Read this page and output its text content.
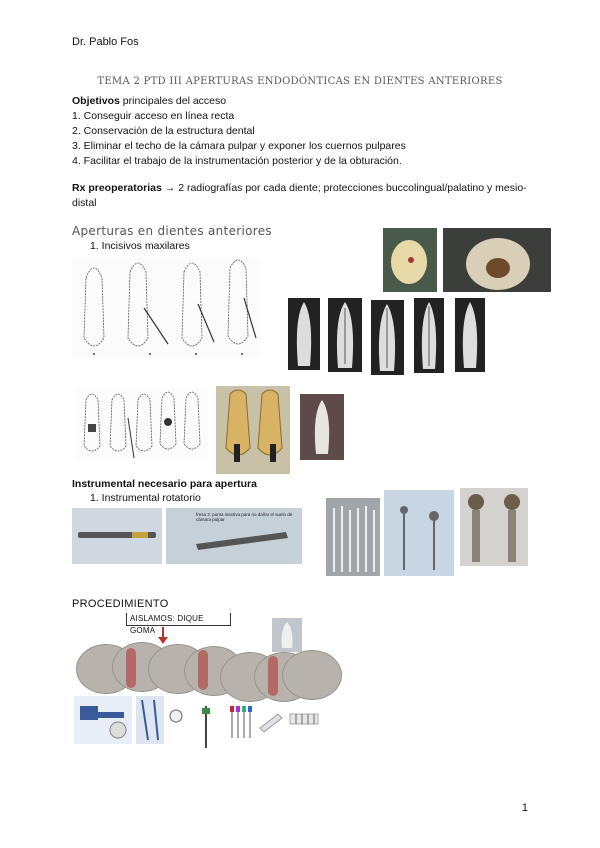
Dr. Pablo Fos
TEMA 2 PTD III APERTURAS ENDODÓNTICAS EN DIENTES ANTERIORES
Objetivos principales del acceso
1. Conseguir acceso en línea recta
2. Conservación de la estructura dental
3. Eliminar el techo de la cámara pulpar y exponer los cuernos pulpares
4. Facilitar el trabajo de la instrumentación posterior y de la obturación.
Rx preoperatorias → 2 radiografías por cada diente; protecciones buccolingual/palatino y mesio-distal
Aperturas en dientes anteriores
1. Incisivos maxilares
Instrumental necesario para apertura
1. Instrumental rotatorio
fresa 2: punta inactiva para no dañar el suelo de cámara pulpar
PROCEDIMIENTO
AISLAMOS: DIQUE GOMA
1
